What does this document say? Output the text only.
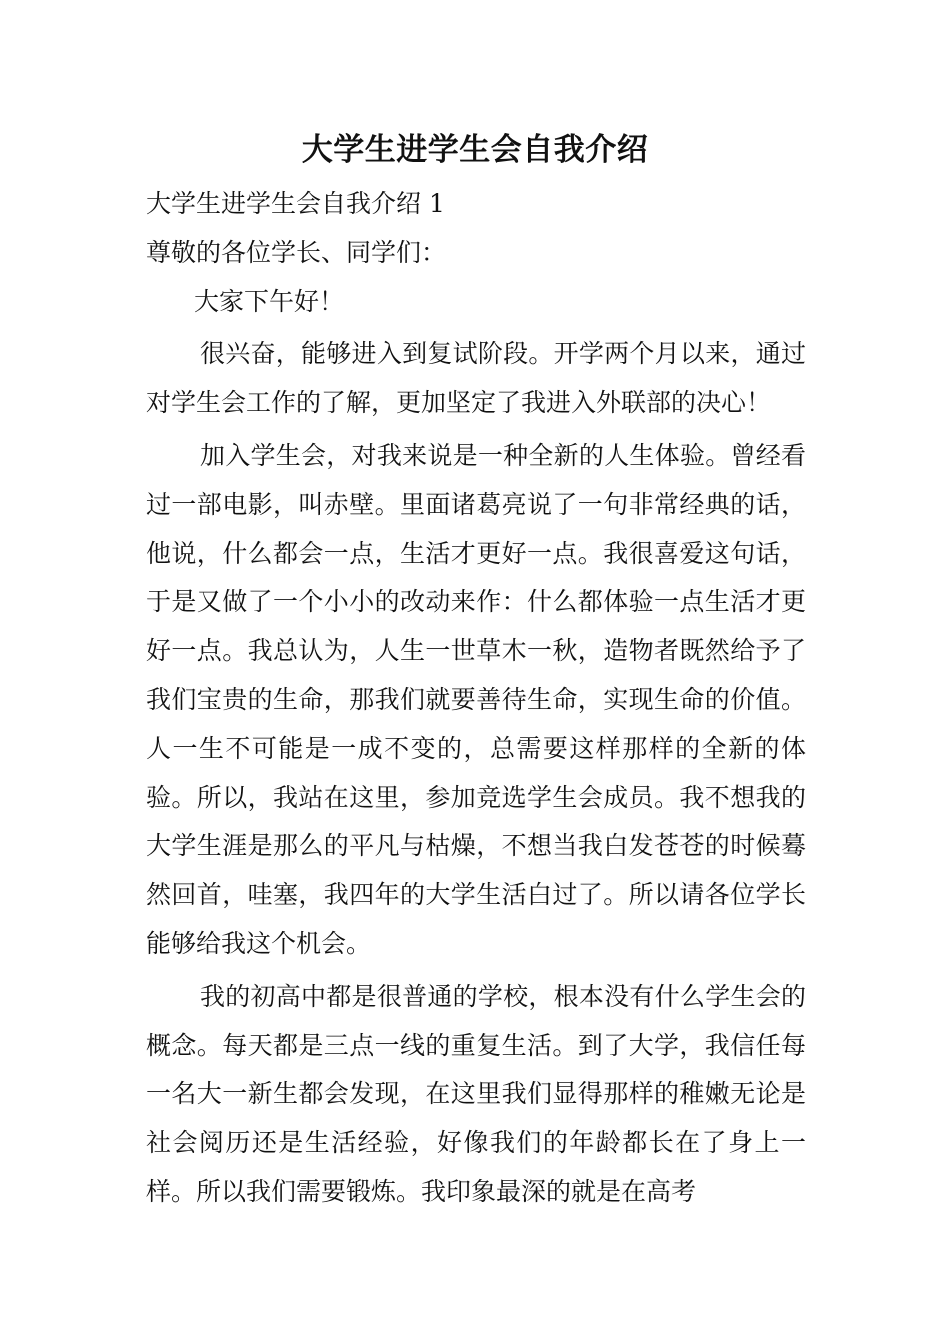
大学生进学生会自我介绍

大学生进学生会自我介绍 1

尊敬的各位学长、同学们：

大家下午好！

很兴奋，能够进入到复试阶段。开学两个月以来，通过对学生会工作的了解，更加坚定了我进入外联部的决心！

加入学生会，对我来说是一种全新的人生体验。曾经看过一部电影，叫赤壁。里面诸葛亮说了一句非常经典的话，他说，什么都会一点，生活才更好一点。我很喜爱这句话，于是又做了一个小小的改动来作：什么都体验一点生活才更好一点。我总认为，人生一世草木一秋，造物者既然给予了我们宝贵的生命，那我们就要善待生命，实现生命的价值。人一生不可能是一成不变的，总需要这样那样的全新的体验。所以，我站在这里，参加竞选学生会成员。我不想我的大学生涯是那么的平凡与枯燥，不想当我白发苍苍的时候蓦然回首，哇塞，我四年的大学生活白过了。所以请各位学长能够给我这个机会。

我的初高中都是很普通的学校，根本没有什么学生会的概念。每天都是三点一线的重复生活。到了大学，我信任每一名大一新生都会发现，在这里我们显得那样的稚嫩无论是社会阅历还是生活经验，好像我们的年龄都长在了身上一样。所以我们需要锻炼。我印象最深的就是在高考
